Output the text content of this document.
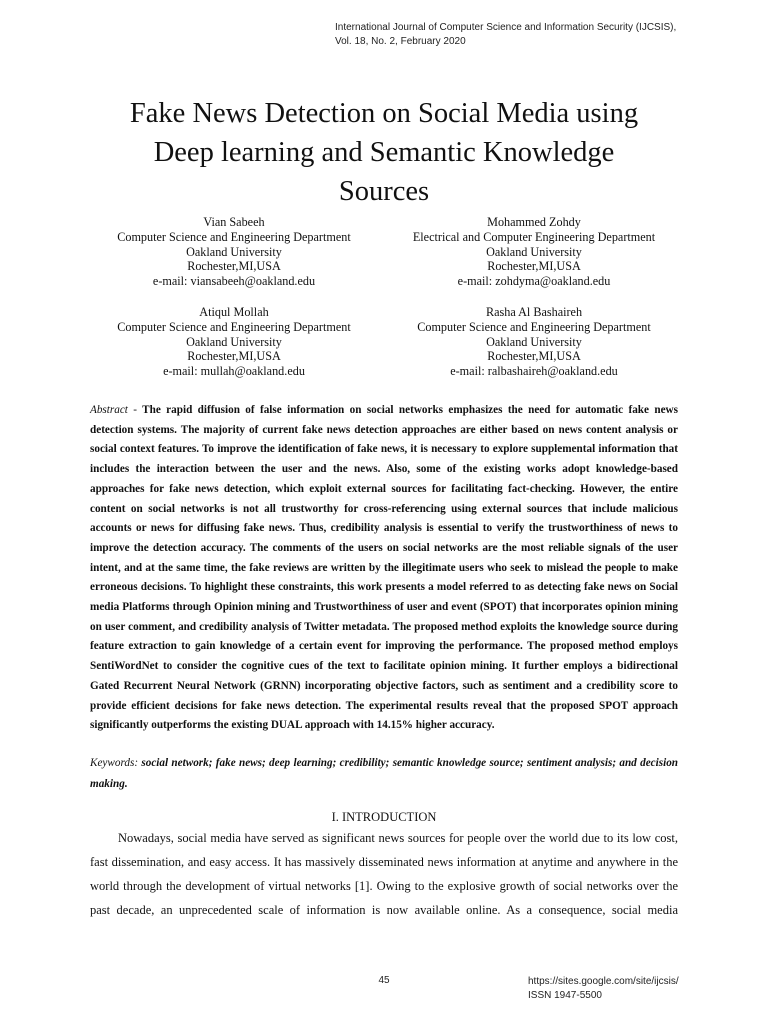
International Journal of Computer Science and Information Security (IJCSIS),
Vol. 18, No. 2, February 2020
Fake News Detection on Social Media using
Deep learning and Semantic Knowledge
Sources
Vian Sabeeh
Computer Science and Engineering Department
Oakland University
Rochester,MI,USA
e-mail: viansabeeh@oakland.edu
Mohammed Zohdy
Electrical and Computer Engineering Department
Oakland University
Rochester,MI,USA
e-mail: zohdyma@oakland.edu
Atiqul Mollah
Computer Science and Engineering Department
Oakland University
Rochester,MI,USA
e-mail: mullah@oakland.edu
Rasha Al Bashaireh
Computer Science and Engineering Department
Oakland University
Rochester,MI,USA
e-mail: ralbashaireh@oakland.edu
Abstract - The rapid diffusion of false information on social networks emphasizes the need for automatic fake news detection systems. The majority of current fake news detection approaches are either based on news content analysis or social context features. To improve the identification of fake news, it is necessary to explore supplemental information that includes the interaction between the user and the news. Also, some of the existing works adopt knowledge-based approaches for fake news detection, which exploit external sources for facilitating fact-checking. However, the entire content on social networks is not all trustworthy for cross-referencing using external sources that include malicious accounts or news for diffusing fake news. Thus, credibility analysis is essential to verify the trustworthiness of news to improve the detection accuracy. The comments of the users on social networks are the most reliable signals of the user intent, and at the same time, the fake reviews are written by the illegitimate users who seek to mislead the people to make erroneous decisions. To highlight these constraints, this work presents a model referred to as detecting fake news on Social media Platforms through Opinion mining and Trustworthiness of user and event (SPOT) that incorporates opinion mining on user comment, and credibility analysis of Twitter metadata. The proposed method exploits the knowledge source during feature extraction to gain knowledge of a certain event for improving the performance. The proposed method employs SentiWordNet to consider the cognitive cues of the text to facilitate opinion mining. It further employs a bidirectional Gated Recurrent Neural Network (GRNN) incorporating objective factors, such as sentiment and a credibility score to provide efficient decisions for fake news detection. The experimental results reveal that the proposed SPOT approach significantly outperforms the existing DUAL approach with 14.15% higher accuracy.
Keywords: social network; fake news; deep learning; credibility; semantic knowledge source; sentiment analysis; and decision making.
I. INTRODUCTION
Nowadays, social media have served as significant news sources for people over the world due to its low cost,
fast dissemination, and easy access. It has massively disseminated news information at anytime and anywhere in the
world through the development of virtual networks [1]. Owing to the explosive growth of social networks over the
past decade, an unprecedented scale of information is now available online. As a consequence, social media
45	https://sites.google.com/site/ijcsis/
ISSN 1947-5500
